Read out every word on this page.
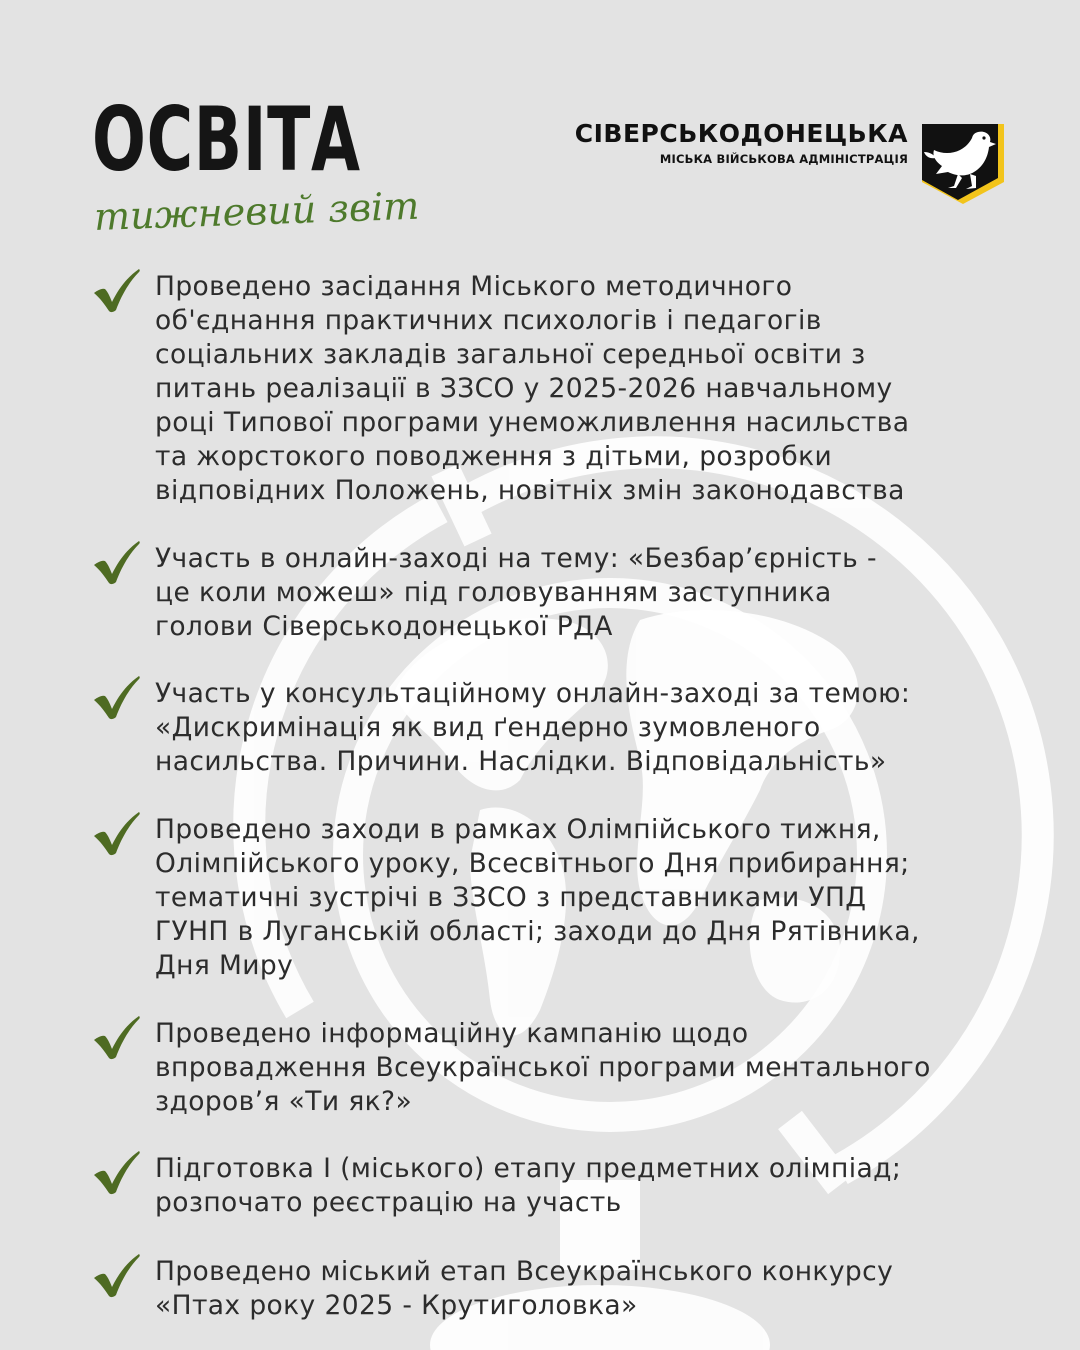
ОСВІТА
тижневий звіт
СІВЕРСЬКОДОНЕЦЬКА
МІСЬКА ВІЙСЬКОВА АДМІНІСТРАЦІЯ

Проведено засідання Міського методичного
об'єднання практичних психологів і педагогів
соціальних закладів загальної середньої освіти з
питань реалізації в ЗЗСО у 2025-2026 навчальному
році Типової програми унеможливлення насильства
та жорстокого поводження з дітьми, розробки
відповідних Положень, новітніх змін законодавства

Участь в онлайн-заході на тему: «Безбар’єрність -
це коли можеш» під головуванням заступника
голови Сіверськодонецької РДА

Участь у консультаційному онлайн-заході за темою:
«Дискримінація як вид ґендерно зумовленого
насильства. Причини. Наслідки. Відповідальність»

Проведено заходи в рамках Олімпійського тижня,
Олімпійського уроку, Всесвітнього Дня прибирання;
тематичні зустрічі в ЗЗСО з представниками УПД
ГУНП в Луганській області; заходи до Дня Рятівника,
Дня Миру

Проведено інформаційну кампанію щодо
впровадження Всеукраїнської програми ментального
здоров’я «Ти як?»

Підготовка І (міського) етапу предметних олімпіад;
розпочато реєстрацію на участь

Проведено міський етап Всеукраїнського конкурсу
«Птах року 2025 - Крутиголовка»
